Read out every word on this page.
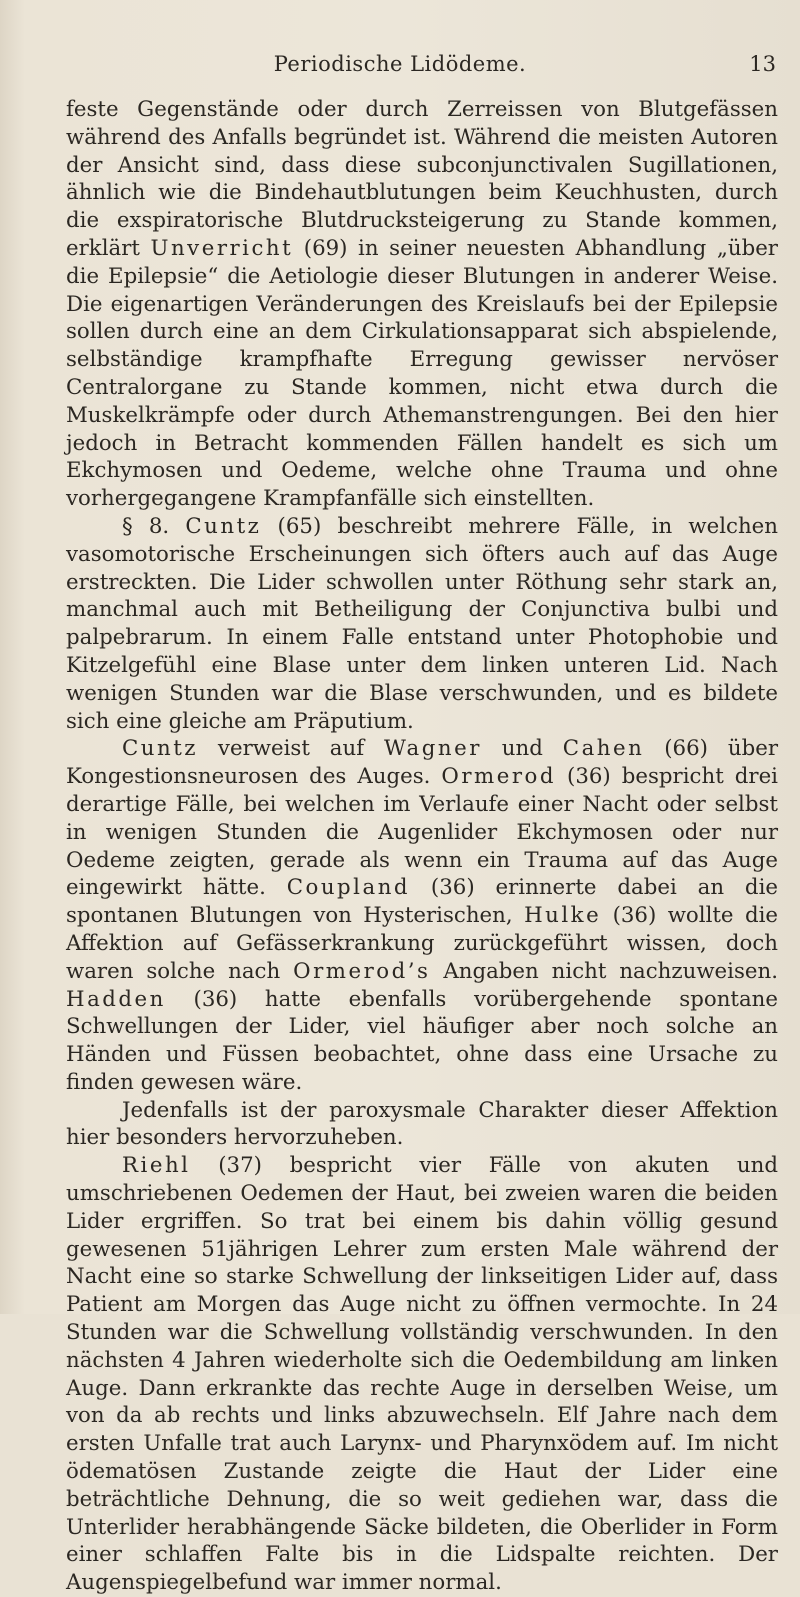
Periodische Lidödeme.	13

feste Gegenstände oder durch Zerreissen von Blutgefässen während des Anfalls begründet ist. Während die meisten Autoren der Ansicht sind, dass diese subconjunctivalen Sugillationen, ähnlich wie die Bindehautblutungen beim Keuchhusten, durch die exspiratorische Blutdrucksteigerung zu Stande kommen, erklärt Unverricht (69) in seiner neuesten Abhandlung „über die Epilepsie“ die Aetiologie dieser Blutungen in anderer Weise. Die eigenartigen Veränderungen des Kreislaufs bei der Epilepsie sollen durch eine an dem Cirkulationsapparat sich abspielende, selbständige krampfhafte Erregung gewisser nervöser Centralorgane zu Stande kommen, nicht etwa durch die Muskelkrämpfe oder durch Athemanstrengungen. Bei den hier jedoch in Betracht kommenden Fällen handelt es sich um Ekchymosen und Oedeme, welche ohne Trauma und ohne vorhergegangene Krampfanfälle sich einstellten.

§ 8. Cuntz (65) beschreibt mehrere Fälle, in welchen vasomotorische Erscheinungen sich öfters auch auf das Auge erstreckten. Die Lider schwollen unter Röthung sehr stark an, manchmal auch mit Betheiligung der Conjunctiva bulbi und palpebrarum. In einem Falle entstand unter Photophobie und Kitzelgefühl eine Blase unter dem linken unteren Lid. Nach wenigen Stunden war die Blase verschwunden, und es bildete sich eine gleiche am Präputium.

Cuntz verweist auf Wagner und Cahen (66) über Kongestionsneurosen des Auges. Ormerod (36) bespricht drei derartige Fälle, bei welchen im Verlaufe einer Nacht oder selbst in wenigen Stunden die Augenlider Ekchymosen oder nur Oedeme zeigten, gerade als wenn ein Trauma auf das Auge eingewirkt hätte. Coupland (36) erinnerte dabei an die spontanen Blutungen von Hysterischen, Hulke (36) wollte die Affektion auf Gefässerkrankung zurückgeführt wissen, doch waren solche nach Ormerod’s Angaben nicht nachzuweisen. Hadden (36) hatte ebenfalls vorübergehende spontane Schwellungen der Lider, viel häufiger aber noch solche an Händen und Füssen beobachtet, ohne dass eine Ursache zu finden gewesen wäre.

Jedenfalls ist der paroxysmale Charakter dieser Affektion hier besonders hervorzuheben.

Riehl (37) bespricht vier Fälle von akuten und umschriebenen Oedemen der Haut, bei zweien waren die beiden Lider ergriffen. So trat bei einem bis dahin völlig gesund gewesenen 51jährigen Lehrer zum ersten Male während der Nacht eine so starke Schwellung der linkseitigen Lider auf, dass Patient am Morgen das Auge nicht zu öffnen vermochte. In 24 Stunden war die Schwellung vollständig verschwunden. In den nächsten 4 Jahren wiederholte sich die Oedembildung am linken Auge. Dann erkrankte das rechte Auge in derselben Weise, um von da ab rechts und links abzuwechseln. Elf Jahre nach dem ersten Unfalle trat auch Larynx- und Pharynxödem auf. Im nicht ödematösen Zustande zeigte die Haut der Lider eine beträchtliche Dehnung, die so weit gediehen war, dass die Unterlider herabhängende Säcke bildeten, die Oberlider in Form einer schlaffen Falte bis in die Lidspalte reichten. Der Augenspiegelbefund war immer normal.
